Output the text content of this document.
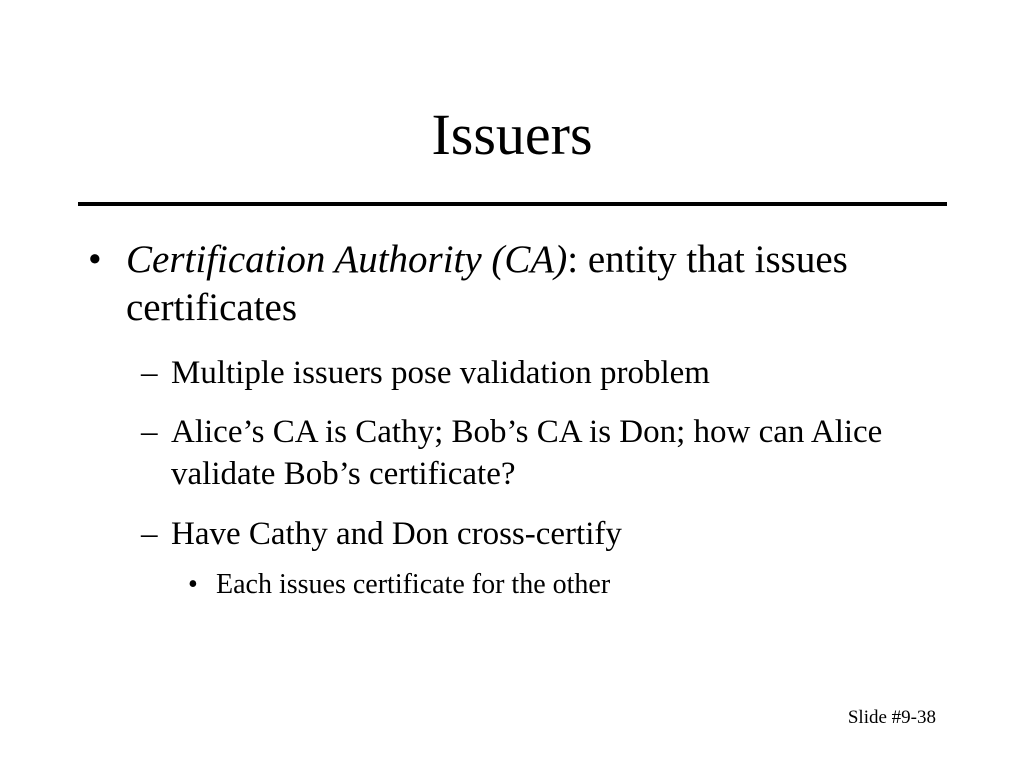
Issuers
• Certification Authority (CA): entity that issues certificates
– Multiple issuers pose validation problem
– Alice’s CA is Cathy; Bob’s CA is Don; how can Alice validate Bob’s certificate?
– Have Cathy and Don cross-certify
• Each issues certificate for the other
Slide #9-38
